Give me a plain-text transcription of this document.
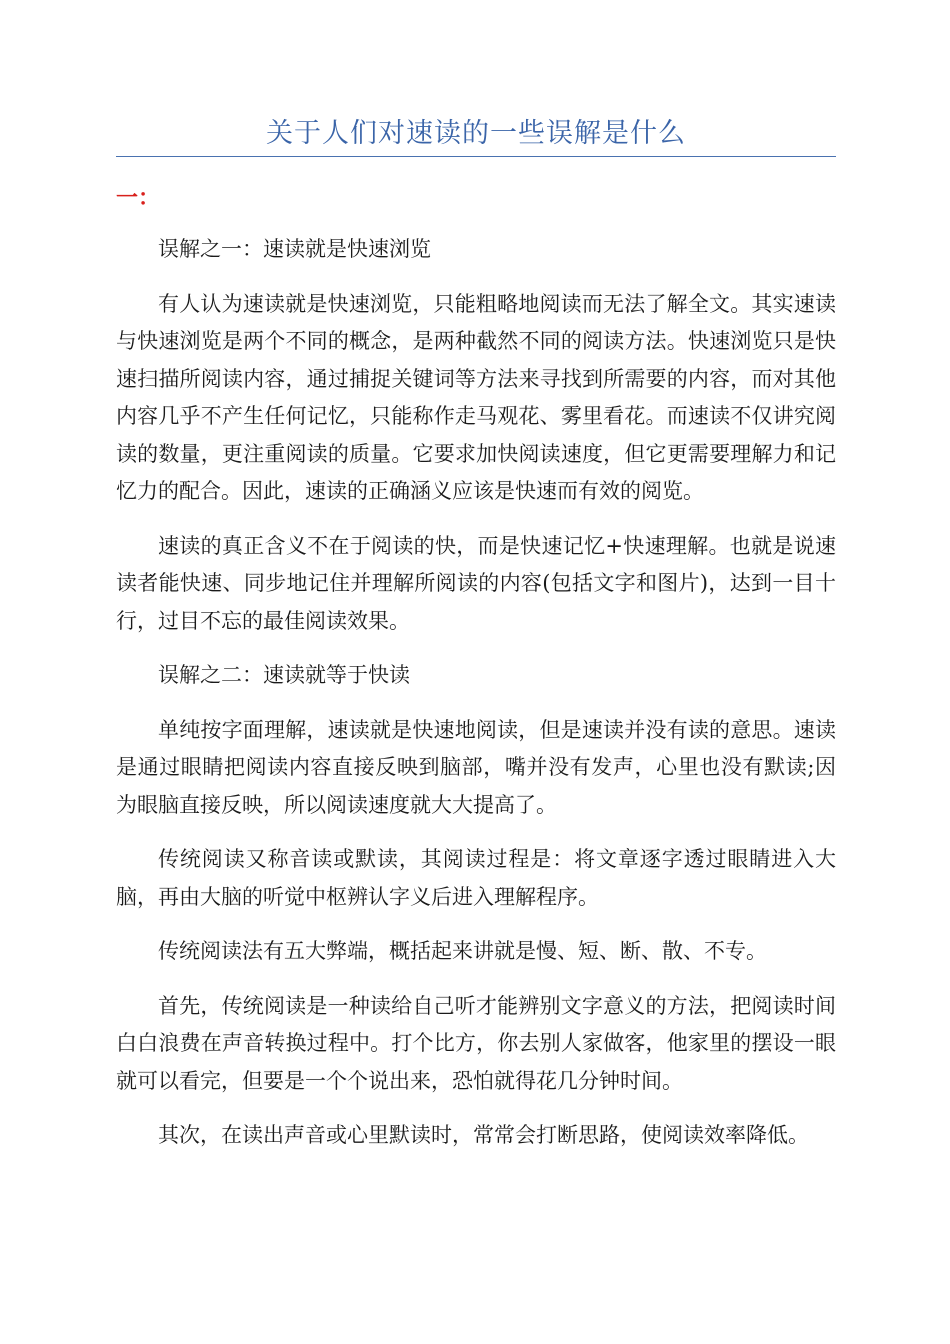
关于人们对速读的一些误解是什么
一：

误解之一：速读就是快速浏览

有人认为速读就是快速浏览，只能粗略地阅读而无法了解全文。其实速读与快速浏览是两个不同的概念，是两种截然不同的阅读方法。快速浏览只是快速扫描所阅读内容，通过捕捉关键词等方法来寻找到所需要的内容，而对其他内容几乎不产生任何记忆，只能称作走马观花、雾里看花。而速读不仅讲究阅读的数量，更注重阅读的质量。它要求加快阅读速度，但它更需要理解力和记忆力的配合。因此，速读的正确涵义应该是快速而有效的阅览。

速读的真正含义不在于阅读的快，而是快速记忆+快速理解。也就是说速读者能快速、同步地记住并理解所阅读的内容(包括文字和图片)，达到一目十行，过目不忘的最佳阅读效果。

误解之二：速读就等于快读

单纯按字面理解，速读就是快速地阅读，但是速读并没有读的意思。速读是通过眼睛把阅读内容直接反映到脑部，嘴并没有发声，心里也没有默读;因为眼脑直接反映，所以阅读速度就大大提高了。

传统阅读又称音读或默读，其阅读过程是：将文章逐字透过眼睛进入大脑，再由大脑的听觉中枢辨认字义后进入理解程序。

传统阅读法有五大弊端，概括起来讲就是慢、短、断、散、不专。

首先，传统阅读是一种读给自己听才能辨别文字意义的方法，把阅读时间白白浪费在声音转换过程中。打个比方，你去别人家做客，他家里的摆设一眼就可以看完，但要是一个个说出来，恐怕就得花几分钟时间。

其次，在读出声音或心里默读时，常常会打断思路，使阅读效率降低。
